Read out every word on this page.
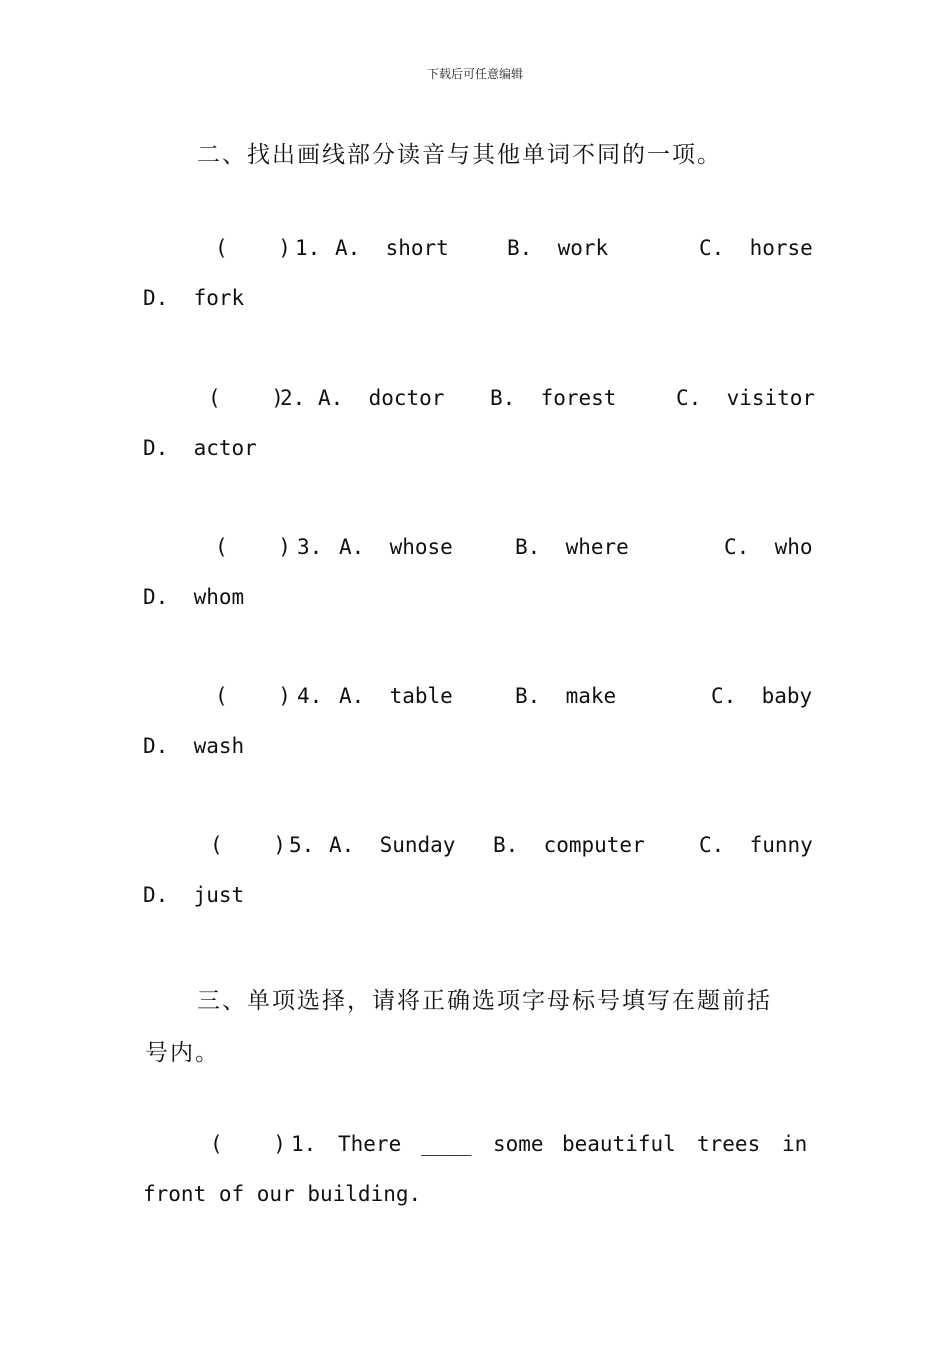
下载后可任意编辑
二、找出画线部分读音与其他单词不同的一项。

(    )

1.

A.  short

	B.  work

	C.  horse

D.  fork

(    )

2.

A.  doctor

B.  forest

	C.  visitor

D.  actor

(    )

3.

A.  whose

	B.  where

	C.  who

D.  whom

(    )

4.

A.  table

	B.  make

	C.  baby

D.  wash

(    )

5.

A.  Sunday

B.  computer

	C.  funny

D.  just
三、单项选择，请将正确选项字母标号填写在题前括
号内。

(    )

1.

There

____

some

beautiful

trees

in

front of our building.
